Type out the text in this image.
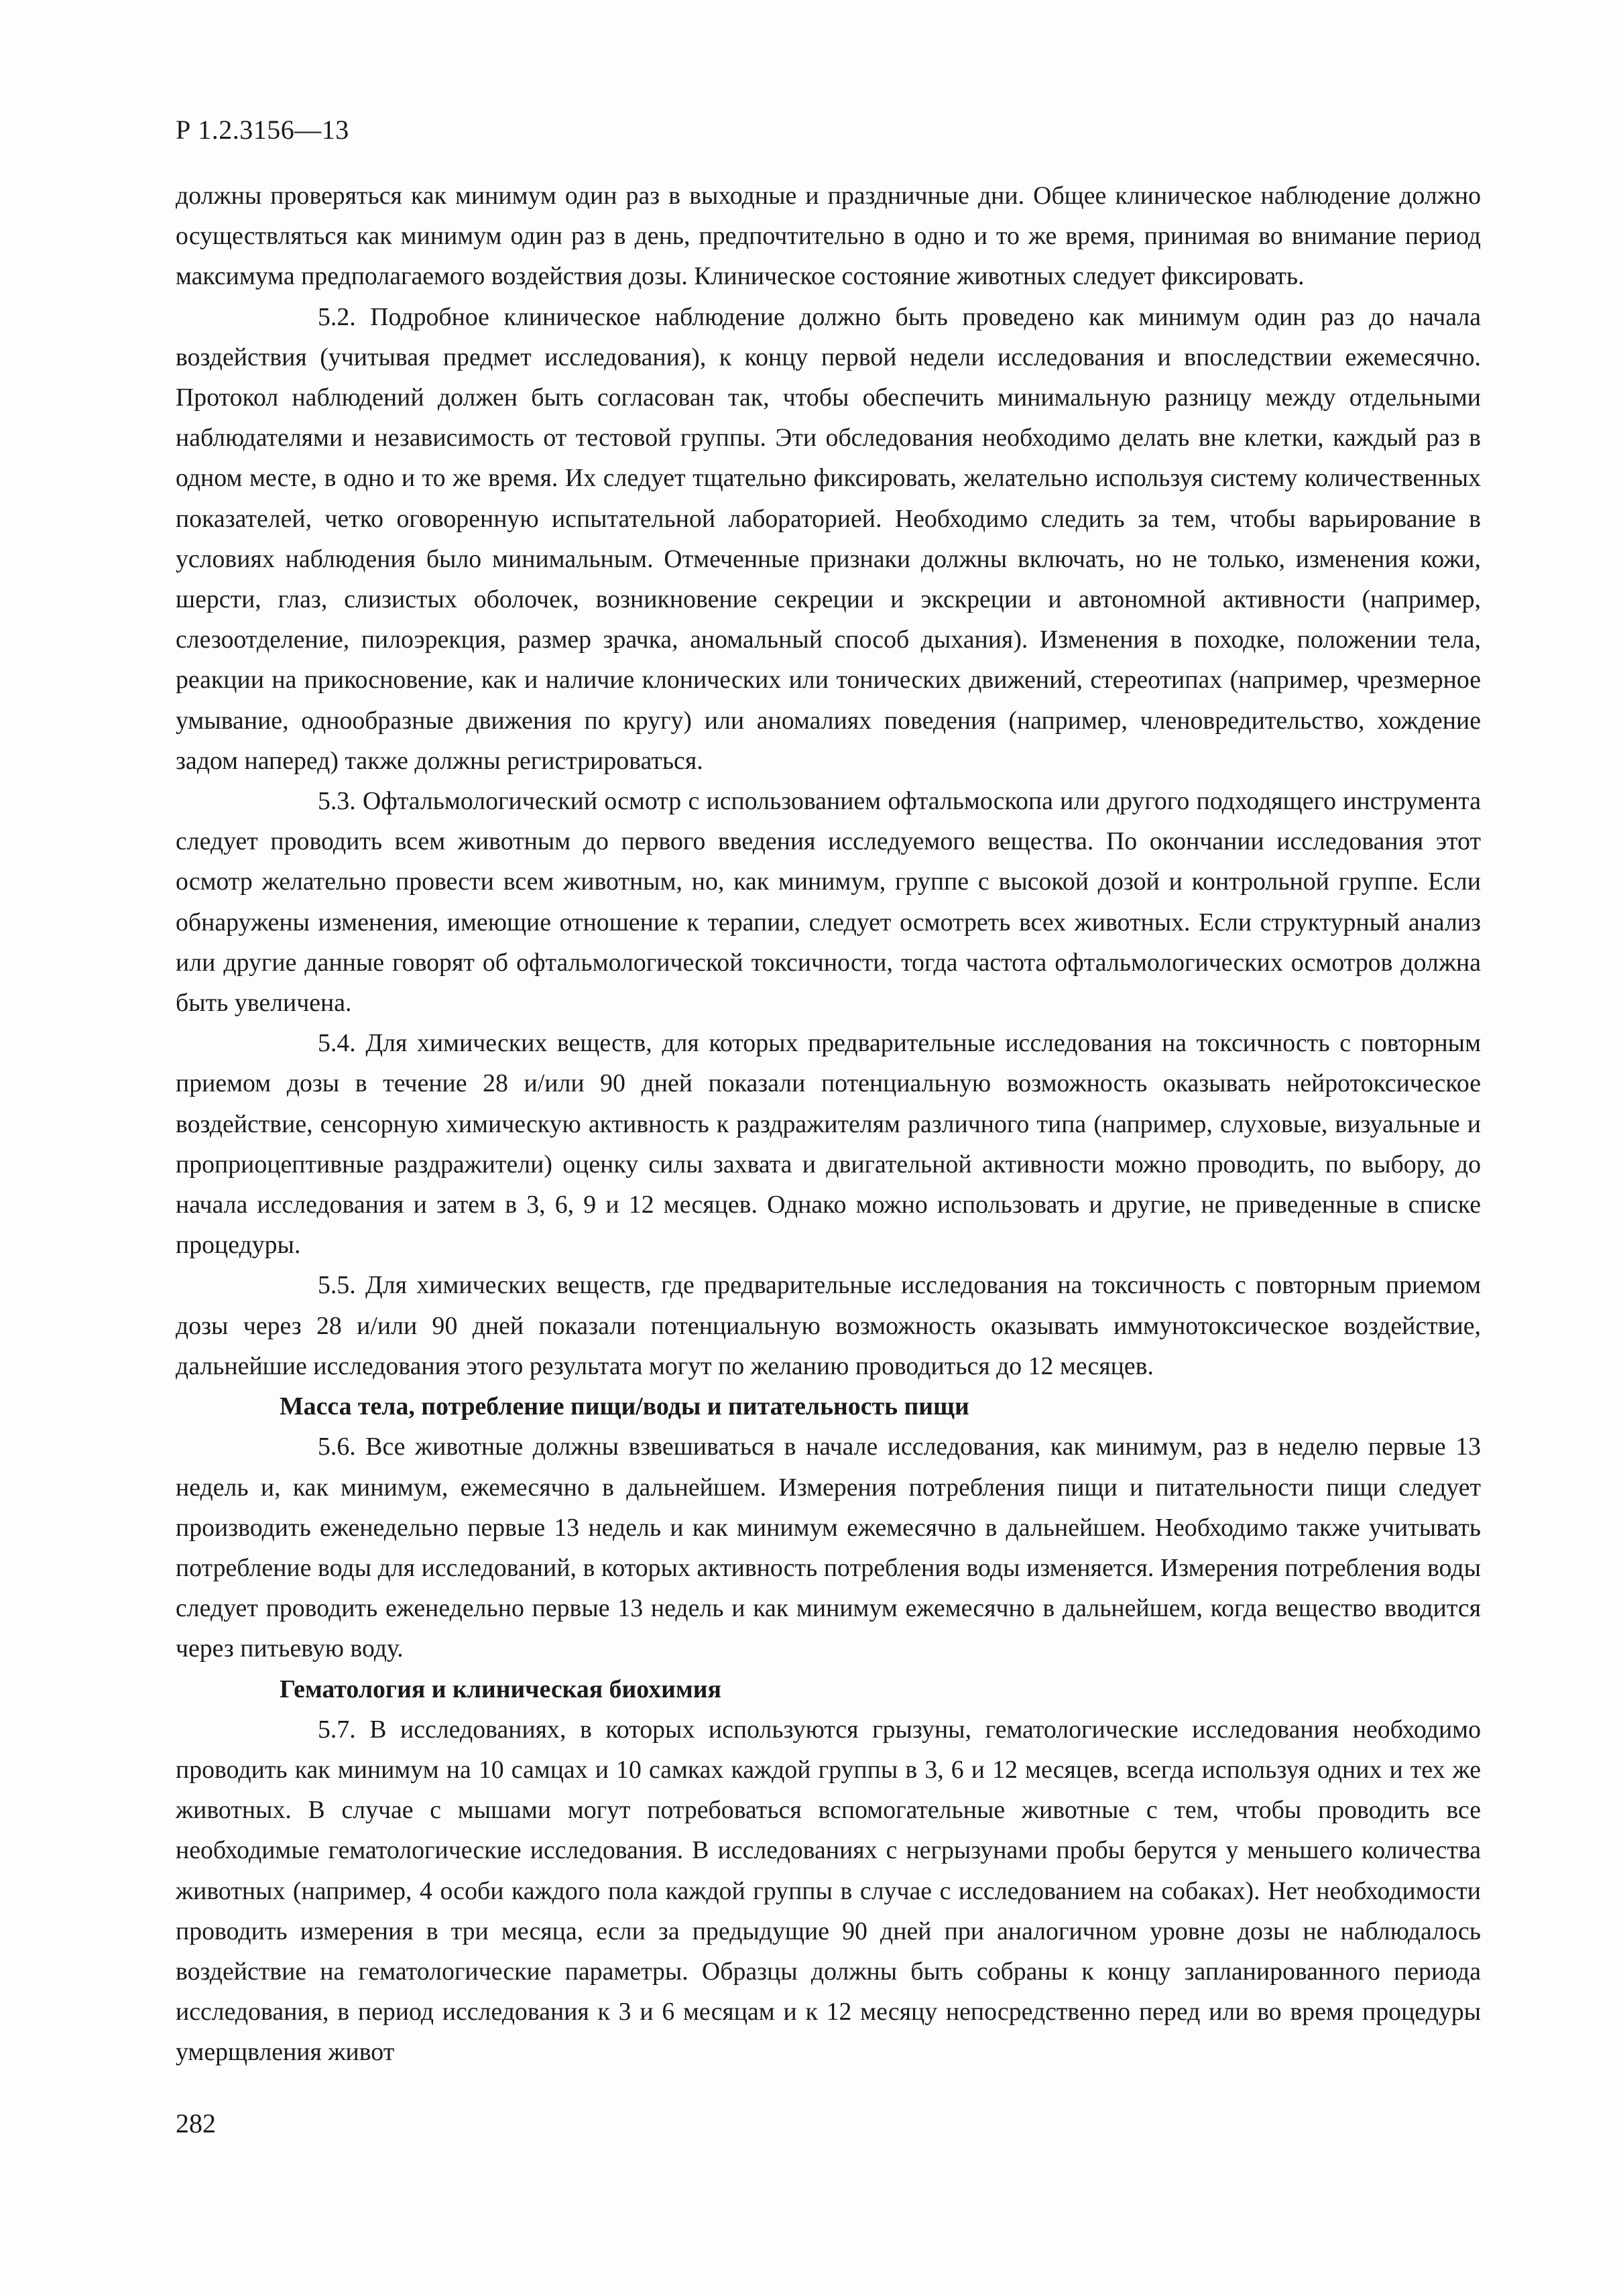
Р 1.2.3156—13

должны проверяться как минимум один раз в выходные и праздничные дни. Общее клиническое наблюдение должно осуществляться как минимум один раз в день, предпочтительно в одно и то же время, принимая во внимание период максимума предполагаемого воздействия дозы. Клиническое состояние животных следует фиксировать.

5.2. Подробное клиническое наблюдение должно быть проведено как минимум один раз до начала воздействия (учитывая предмет исследования), к концу первой недели исследования и впоследствии ежемесячно. Протокол наблюдений должен быть согласован так, чтобы обеспечить минимальную разницу между отдельными наблюдателями и независимость от тестовой группы. Эти обследования необходимо делать вне клетки, каждый раз в одном месте, в одно и то же время. Их следует тщательно фиксировать, желательно используя систему количественных показателей, четко оговоренную испытательной лабораторией. Необходимо следить за тем, чтобы варьирование в условиях наблюдения было минимальным. Отмеченные признаки должны включать, но не только, изменения кожи, шерсти, глаз, слизистых оболочек, возникновение секреции и экскреции и автономной активности (например, слезоотделение, пилоэрекция, размер зрачка, аномальный способ дыхания). Изменения в походке, положении тела, реакции на прикосновение, как и наличие клонических или тонических движений, стереотипах (например, чрезмерное умывание, однообразные движения по кругу) или аномалиях поведения (например, членовредительство, хождение задом наперед) также должны регистрироваться.

5.3. Офтальмологический осмотр с использованием офтальмоскопа или другого подходящего инструмента следует проводить всем животным до первого введения исследуемого вещества. По окончании исследования этот осмотр желательно провести всем животным, но, как минимум, группе с высокой дозой и контрольной группе. Если обнаружены изменения, имеющие отношение к терапии, следует осмотреть всех животных. Если структурный анализ или другие данные говорят об офтальмологической токсичности, тогда частота офтальмологических осмотров должна быть увеличена.

5.4. Для химических веществ, для которых предварительные исследования на токсичность с повторным приемом дозы в течение 28 и/или 90 дней показали потенциальную возможность оказывать нейротоксическое воздействие, сенсорную химическую активность к раздражителям различного типа (например, слуховые, визуальные и проприоцептивные раздражители) оценку силы захвата и двигательной активности можно проводить, по выбору, до начала исследования и затем в 3, 6, 9 и 12 месяцев. Однако можно использовать и другие, не приведенные в списке процедуры.

5.5. Для химических веществ, где предварительные исследования на токсичность с повторным приемом дозы через 28 и/или 90 дней показали потенциальную возможность оказывать иммунотоксическое воздействие, дальнейшие исследования этого результата могут по желанию проводиться до 12 месяцев.

Масса тела, потребление пищи/воды и питательность пищи

5.6. Все животные должны взвешиваться в начале исследования, как минимум, раз в неделю первые 13 недель и, как минимум, ежемесячно в дальнейшем. Измерения потребления пищи и питательности пищи следует производить еженедельно первые 13 недель и как минимум ежемесячно в дальнейшем. Необходимо также учитывать потребление воды для исследований, в которых активность потребления воды изменяется. Измерения потребления воды следует проводить еженедельно первые 13 недель и как минимум ежемесячно в дальнейшем, когда вещество вводится через питьевую воду.

Гематология и клиническая биохимия

5.7. В исследованиях, в которых используются грызуны, гематологические исследования необходимо проводить как минимум на 10 самцах и 10 самках каждой группы в 3, 6 и 12 месяцев, всегда используя одних и тех же животных. В случае с мышами могут потребоваться вспомогательные животные с тем, чтобы проводить все необходимые гематологические исследования. В исследованиях с негрызунами пробы берутся у меньшего количества животных (например, 4 особи каждого пола каждой группы в случае с исследованием на собаках). Нет необходимости проводить измерения в три месяца, если за предыдущие 90 дней при аналогичном уровне дозы не наблюдалось воздействие на гематологические параметры. Образцы должны быть собраны к концу запланированного периода исследования, в период исследования к 3 и 6 месяцам и к 12 месяцу непосредственно перед или во время процедуры умерщвления живот

282
